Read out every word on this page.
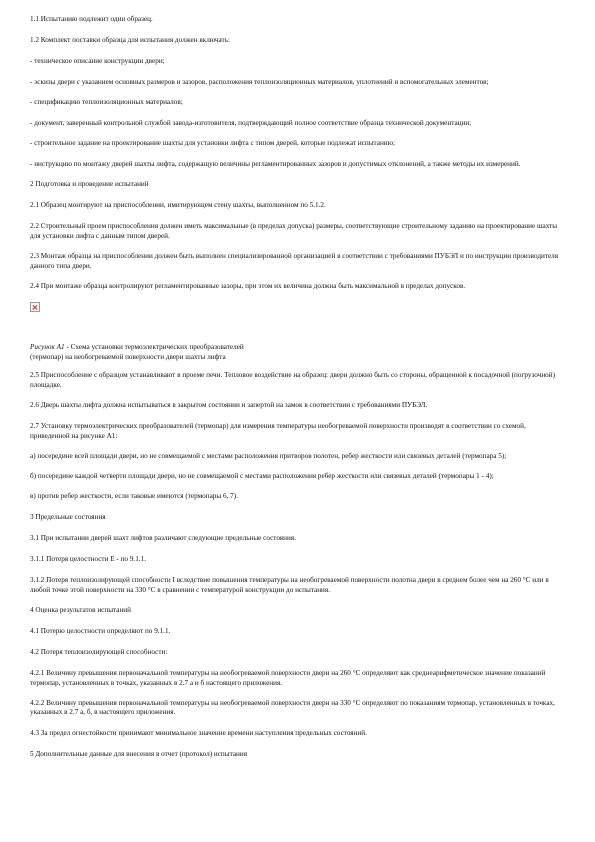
1.1 Испытанию подлежит один образец.

1.2 Комплект поставки образца для испытания должен включать:

- техническое описание конструкции двери;

- эскизы двери с указанием основных размеров и зазоров, расположения теплоизоляционных материалов, уплотнений и вспомогательных элементов;

- спецификацию теплоизоляционных материалов;

- документ, заверенный контрольной службой завода-изготовителя, подтверждающий полное соответствие образца технической документации;

- строительное задание на проектирование шахты для установки лифта с типом дверей, которые подлежат испытанию;

- инструкцию по монтажу дверей шахты лифта, содержащую величины регламентированных зазоров и допустимых отклонений, а также методы их измерений.

2 Подготовка и проведение испытаний

2.1 Образец монтируют на приспособлении, имитирующем стену шахты, выполненном по 5.1.2.

2.2 Строительный проем приспособления должен иметь максимальные (в пределах допуска) размеры, соответствующие строительному заданию на проектирование шахты для установки лифта с данным типом дверей.

2.3 Монтаж образца на приспособлении должен быть выполнен специализированной организацией в соответствии с требованиями ПУБЭЛ и по инструкции производителя данного типа двери.

2.4 При монтаже образца контролируют регламентированные зазоры, при этом их величина должна быть максимальной в пределах допусков.

Рисунок А1 - Схема установки термоэлектрических преобразователей
(термопар) на необогреваемой поверхности двери шахты лифта

2.5 Приспособление с образцом устанавливают в проеме печи. Тепловое воздействие на образец: двери должно быть со стороны, обращенной к посадочной (погрузочной) площадке.

2.6 Дверь шахты лифта должна испытываться в закрытом состоянии и запертой на замок в соответствии с требованиями ПУБЭЛ.

2.7 Установку термоэлектрических преобразователей (термопар) для измерения температуры необогреваемой поверхности производят в соответствии со схемой, приведенной на рисунке А1:

а) посередине всей площади двери, но не совмещаемой с местами расположения притворов полотен, ребер жесткости или связевых деталей (термопара 5);

б) посередине каждой четверти площади двери, но не совмещаемой с местами расположения ребер жесткости или связевых деталей (термопары 1 - 4);

в) против ребер жесткости, если таковые имеются (термопары 6, 7).

3 Предельные состояния

3.1 При испытании дверей шахт лифтов различают следующие предельные состояния.

3.1.1 Потеря целостности Е - по 9.1.1.

3.1.2 Потеря теплоизолирующей способности I вследствие повышения температуры на необогреваемой поверхности полотна двери в среднем более чем на 260 °С или в любой точке этой поверхности на 330 °С в сравнении с температурой конструкции до испытания.

4 Оценка результатов испытаний

4.1 Потерю целостности определяют по 9.1.1.

4.2 Потеря теплоизолирующей способности:

4.2.1 Величину превышения первоначальной температуры на необогреваемой поверхности двери на 260 °С определяют как среднеарифметическое значение показаний термопар, установленных в точках, указанных в 2.7 а и б настоящего приложения.

4.2.2 Величину превышения первоначальной температуры на необогреваемой поверхности двери на 330 °С определяют по показаниям термопар, установленных в точках, указанных в 2.7 а, б, в настоящего приложения.

4.3 За предел огнестойкости принимают минимальное значение времени наступления предельных состояний.

5 Дополнительные данные для внесения в отчет (протокол) испытания
